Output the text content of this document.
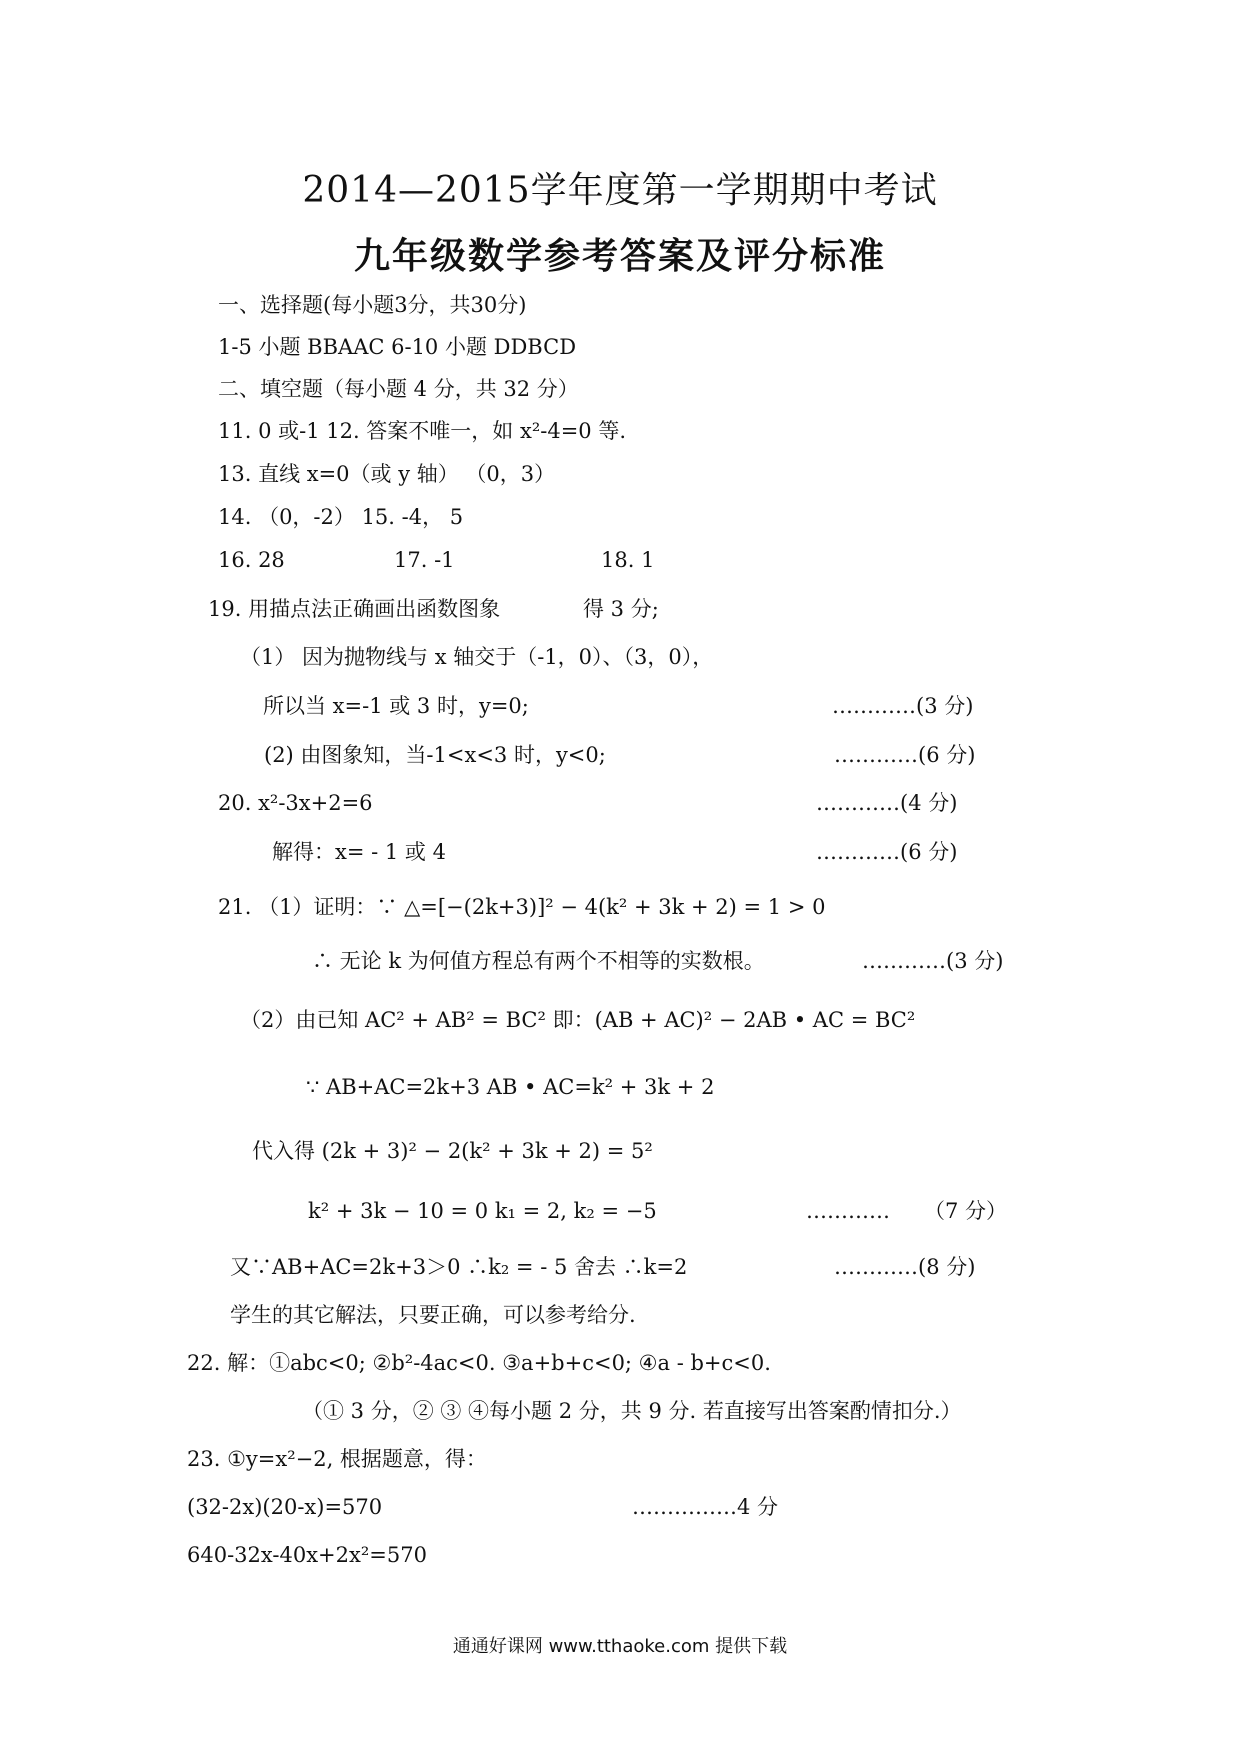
2014—2015学年度第一学期期中考试
九年级数学参考答案及评分标准
一、选择题(每小题3分，共30分)
1-5 小题 BBAAC 6-10 小题 DDBCD
二、填空题（每小题 4 分，共 32 分）
11. 0 或-1 12. 答案不唯一，如 x²-4=0 等.
13. 直线 x=0（或 y 轴） （0，3）
14. （0，-2） 15. -4， 5
16. 28	17. -1	18. 1
19. 用描点法正确画出函数图象	得 3 分;
（1） 因为抛物线与 x 轴交于（-1，0）、（3，0），
所以当 x=-1 或 3 时，y=0;	…………(3 分)
(2) 由图象知，当-1<x<3 时，y<0;	…………(6 分)
20. x²-3x+2=6	…………(4 分)
解得：x= - 1 或 4	…………(6 分)
21. （1）证明：∵ △=[−(2k+3)]² − 4(k² + 3k + 2) = 1 > 0
∴ 无论 k 为何值方程总有两个不相等的实数根。	…………(3 分)
（2）由已知 AC² + AB² = BC² 即：(AB + AC)² − 2AB • AC = BC²
∵ AB+AC=2k+3 AB • AC=k² + 3k + 2
代入得 (2k + 3)² − 2(k² + 3k + 2) = 5²
k² + 3k − 10 = 0 k₁ = 2, k₂ = −5	………… （7 分）
又∵AB+AC=2k+3＞0 ∴k₂ = - 5 舍去 ∴k=2	…………(8 分)
学生的其它解法，只要正确，可以参考给分.
22. 解：①abc<0; ②b²-4ac<0. ③a+b+c<0; ④a - b+c<0.
（① 3 分，② ③ ④每小题 2 分，共 9 分. 若直接写出答案酌情扣分.）
23. ①y=x²−2, 根据题意，得：
(32-2x)(20-x)=570	……………4 分
640-32x-40x+2x²=570
通通好课网 www.tthaoke.com 提供下载
